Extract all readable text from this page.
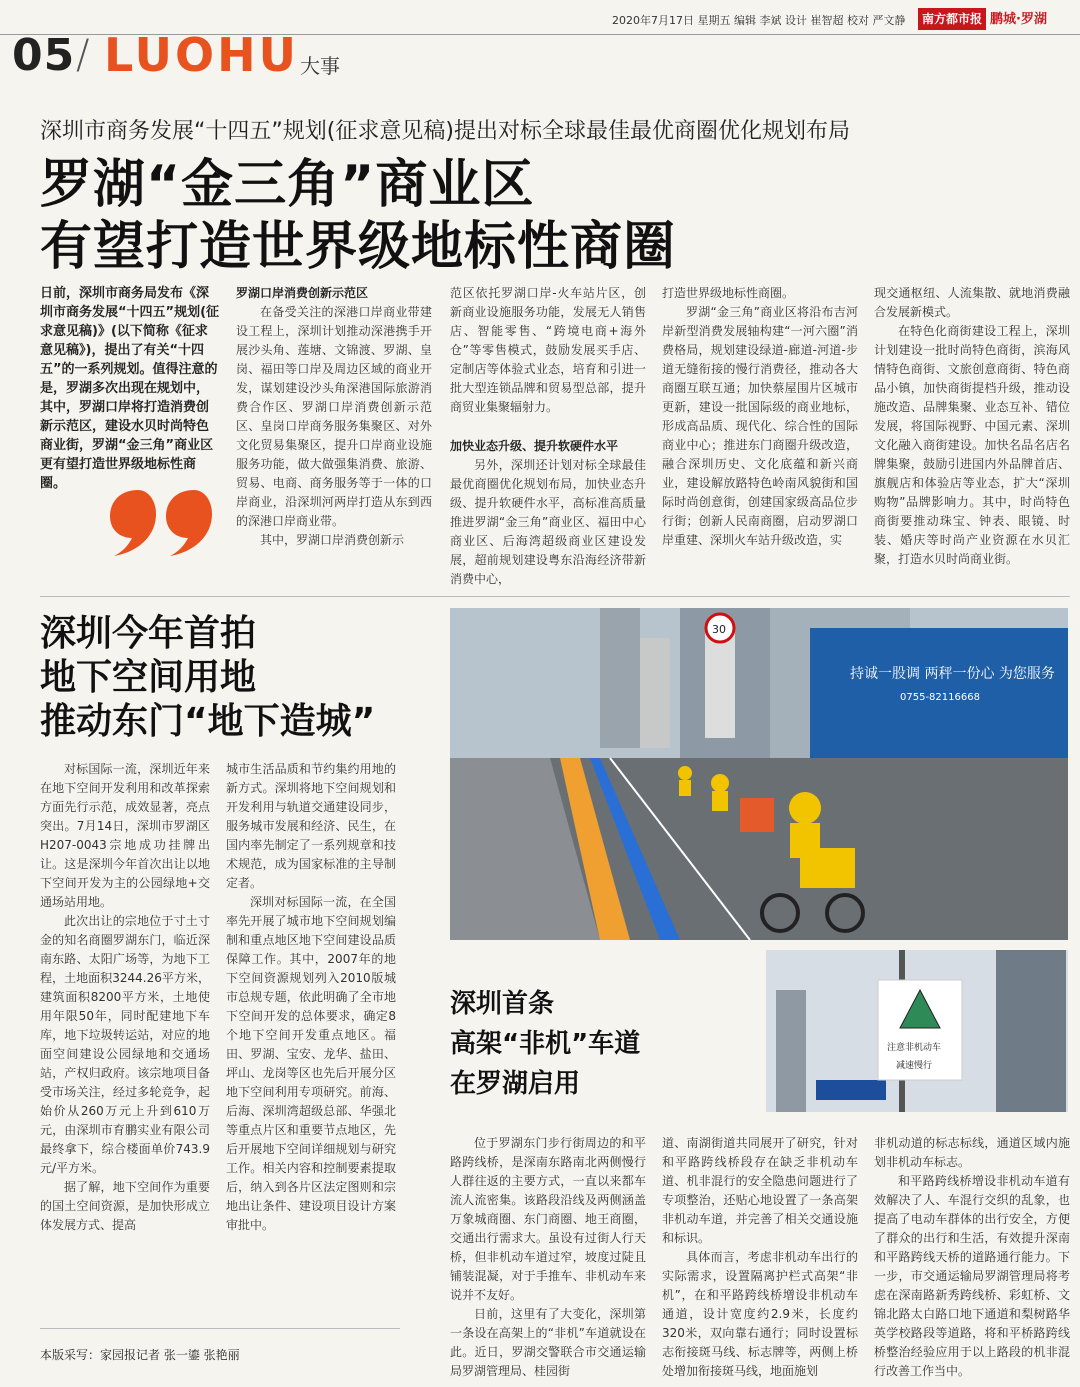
2020年7月17日 星期五 编辑 李斌 设计 崔智超 校对 严文静	南方都市报 鹏城·罗湖
05 / LUOHU 大事
深圳市商务发展“十四五”规划(征求意见稿)提出对标全球最佳最优商圈优化规划布局
罗湖“金三角”商业区
有望打造世界级地标性商圈
日前，深圳市商务局发布《深圳市商务发展“十四五”规划(征求意见稿)》(以下简称《征求意见稿》)，提出了有关“十四五”的一系列规划。值得注意的是，罗湖多次出现在规划中，其中，罗湖口岸将打造消费创新示范区，建设水贝时尚特色商业街，罗湖“金三角”商业区更有望打造世界级地标性商圈。
罗湖口岸消费创新示范区
在备受关注的深港口岸商业带建设工程上，深圳计划推动深港携手开展沙头角、莲塘、文锦渡、罗湖、皇岗、福田等口岸及周边区域的商业开发，谋划建设沙头角深港国际旅游消费合作区、罗湖口岸消费创新示范区、皇岗口岸商务服务集聚区、对外文化贸易集聚区，提升口岸商业设施服务功能，做大做强集消费、旅游、贸易、电商、商务服务等于一体的口岸商业，沿深圳河两岸打造从东到西的深港口岸商业带。
其中，罗湖口岸消费创新示
范区依托罗湖口岸-火车站片区，创新商业设施服务功能，发展无人销售店、智能零售、“跨境电商+海外仓”等零售模式，鼓励发展买手店、定制店等体验式业态，培育和引进一批大型连锁品牌和贸易型总部，提升商贸业集聚辐射力。
加快业态升级、提升软硬件水平
另外，深圳还计划对标全球最佳最优商圈优化规划布局，加快业态升级、提升软硬件水平，高标准高质量推进罗湖“金三角”商业区、福田中心商业区、后海湾超级商业区建设发展，超前规划建设粤东沿海经济带新消费中心，
打造世界级地标性商圈。
罗湖“金三角”商业区将沿布吉河岸新型消费发展轴构建“一河六圈”消费格局，规划建设绿道-廊道-河道-步道无缝衔接的慢行消费径，推动各大商圈互联互通；加快蔡屋围片区城市更新，建设一批国际级的商业地标，形成高品质、现代化、综合性的国际商业中心；推进东门商圈升级改造，融合深圳历史、文化底蕴和新兴商业，建设解放路特色岭南风貌街和国际时尚创意街，创建国家级高品位步行街；创新人民南商圈，启动罗湖口岸重建、深圳火车站升级改造，实
现交通枢纽、人流集散、就地消费融合发展新模式。
在特色化商街建设工程上，深圳计划建设一批时尚特色商街，滨海风情特色商街、文旅创意商街、特色商品小镇，加快商街提档升级，推动设施改造、品牌集聚、业态互补、错位发展，将国际视野、中国元素、深圳文化融入商街建设。加快名品名店名牌集聚，鼓励引进国内外品牌首店、旗舰店和体验店等业态，扩大“深圳购物”品牌影响力。其中，时尚特色商街要推动珠宝、钟表、眼镜、时装、婚庆等时尚产业资源在水贝汇聚，打造水贝时尚商业街。
深圳今年首拍
地下空间用地
推动东门“地下造城”
对标国际一流，深圳近年来在地下空间开发利用和改革探索方面先行示范，成效显著，亮点突出。7月14日，深圳市罗湖区H207-0043宗地成功挂牌出让。这是深圳今年首次出让以地下空间开发为主的公园绿地+交通场站用地。
此次出让的宗地位于寸土寸金的知名商圈罗湖东门，临近深南东路、太阳广场等，为地下工程，土地面积3244.26平方米，建筑面积8200平方米，土地使用年限50年，同时配建地下车库，地下垃圾转运站，对应的地面空间建设公园绿地和交通场站，产权归政府。该宗地项目备受市场关注，经过多轮竞争，起始价从260万元上升到610万元，由深圳市育鹏实业有限公司最终拿下，综合楼面单价743.9元/平方米。
据了解，地下空间作为重要的国土空间资源，是加快形成立体发展方式、提高
城市生活品质和节约集约用地的新方式。深圳将地下空间规划和开发利用与轨道交通建设同步，服务城市发展和经济、民生，在国内率先制定了一系列规章和技术规范，成为国家标准的主导制定者。
深圳对标国际一流，在全国率先开展了城市地下空间规划编制和重点地区地下空间建设品质保障工作。其中，2007年的地下空间资源规划列入2010版城市总规专题，依此明确了全市地下空间开发的总体要求，确定8个地下空间开发重点地区。福田、罗湖、宝安、龙华、盐田、坪山、龙岗等区也先后开展分区地下空间利用专项研究。前海、后海、深圳湾超级总部、华强北等重点片区和重要节点地区，先后开展地下空间详细规划与研究工作。相关内容和控制要素提取后，纳入到各片区法定图则和宗地出让条件、建设项目设计方案审批中。
本版采写：家园报记者 张一鎏 张艳丽
持诚一股调 两秤一份心 为您服务
0755-82116668
30
深圳首条
高架“非机”车道
在罗湖启用
注意非机动车
减速慢行
位于罗湖东门步行街周边的和平路跨线桥，是深南东路南北两侧慢行人群往返的主要方式，一直以来都车流人流密集。该路段沿线及两侧涵盖万象城商圈、东门商圈、地王商圈，交通出行需求大。虽设有过街人行天桥，但非机动车道过窄，坡度过陡且铺装混凝，对于手推车、非机动车来说并不友好。
日前，这里有了大变化，深圳第一条设在高架上的“非机”车道就设在此。近日，罗湖交警联合市交通运输局罗湖管理局、桂园街
道、南湖街道共同展开了研究，针对和平路跨线桥段存在缺乏非机动车道、机非混行的安全隐患问题进行了专项整治，还贴心地设置了一条高架非机动车道，并完善了相关交通设施和标识。
具体而言，考虑非机动车出行的实际需求，设置隔离护栏式高架“非机”，在和平路跨线桥增设非机动车通道，设计宽度约2.9米，长度约320米，双向靠右通行；同时设置标志衔接斑马线、标志牌等，两侧上桥处增加衔接斑马线，地面施划
非机动道的标志标线，通道区域内施划非机动车标志。
和平路跨线桥增设非机动车道有效解决了人、车混行交织的乱象，也提高了电动车群体的出行安全，方便了群众的出行和生活，有效提升深南和平路跨线天桥的道路通行能力。下一步，市交通运输局罗湖管理局将考虑在深南路新秀跨线桥、彩虹桥、文锦北路太白路口地下通道和梨树路华英学校路段等道路，将和平桥路跨线桥整治经验应用于以上路段的机非混行改善工作当中。
